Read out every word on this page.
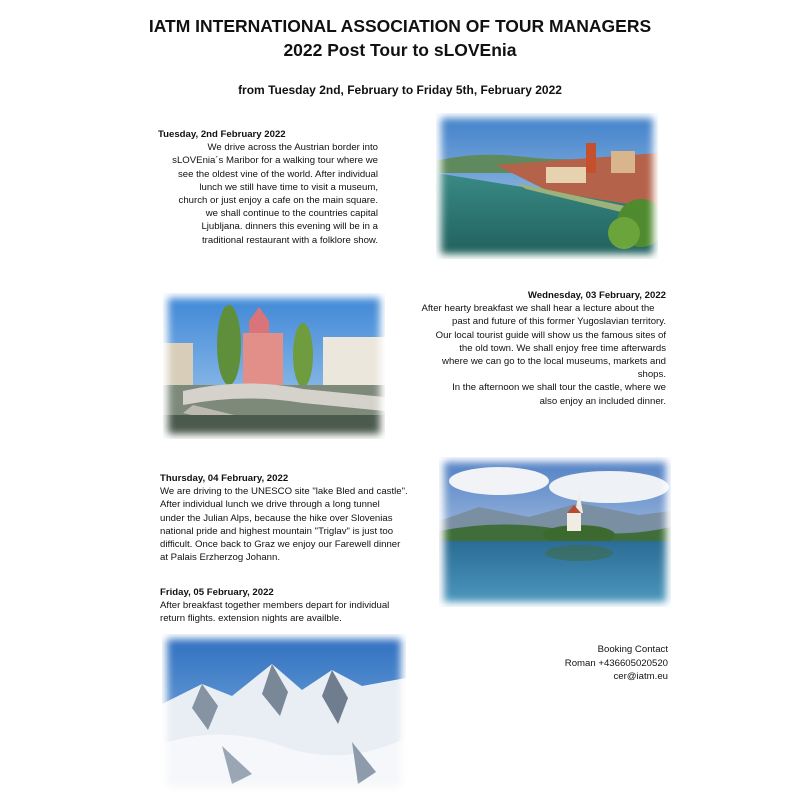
IATM INTERNATIONAL ASSOCIATION OF TOUR MANAGERS
2022 Post Tour to sLOVEnia
from Tuesday 2nd, February to Friday 5th, February 2022
Tuesday, 2nd February 2022
We drive across the Austrian border into
sLOVEnia´s Maribor for a walking tour where we
see the oldest vine of the world. After individual
lunch we still have time to visit a museum,
church or just enjoy a cafe on the main square.
we shall continue to the countries capital
Ljubljana. dinners this evening will be in a
traditional restaurant with a folklore show.
Wednesday, 03 February, 2022
After hearty breakfast we shall hear a lecture about the
past and future of this former Yugoslavian territory.
Our local tourist guide will show us the famous sites of
the old town. We shall enjoy free time afterwards
where we can go to the local museums, markets and
shops.
In the afternoon we shall tour the castle, where we
also enjoy an included dinner.
Thursday, 04 February, 2022
We are driving to the UNESCO site "lake Bled and castle".
After individual lunch we drive through a long tunnel
under the Julian Alps, because the hike over Slovenias
national pride and highest mountain "Triglav" is just too
difficult. Once back to Graz we enjoy our Farewell dinner
at Palais Erzherzog Johann.
Friday, 05 February, 2022
After breakfast together members depart for individual
return flights. extension nights are availble.
Booking Contact
Roman +436605020520
cer@iatm.eu
